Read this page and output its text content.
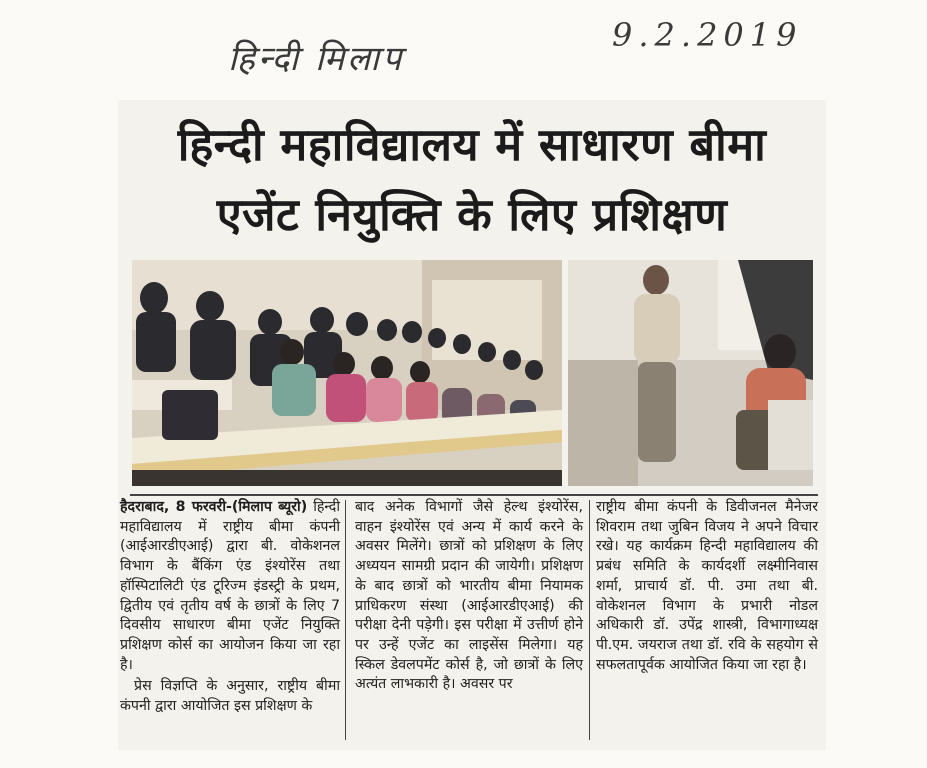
हिन्दी मिलाप
9.2.2019
हिन्दी महाविद्यालय में साधारण बीमा
एजेंट नियुक्ति के लिए प्रशिक्षण

हैदराबाद, 8 फरवरी-(मिलाप ब्यूरो) हिन्दी महाविद्यालय में राष्ट्रीय बीमा कंपनी (आईआरडीएआई) द्वारा बी. वोकेशनल विभाग के बैंकिंग एंड इंश्योरेंस तथा हॉस्पिटालिटी एंड टूरिज्म इंडस्ट्री के प्रथम, द्वितीय एवं तृतीय वर्ष के छात्रों के लिए 7 दिवसीय साधारण बीमा एजेंट नियुक्ति प्रशिक्षण कोर्स का आयोजन किया जा रहा है।

प्रेस विज्ञप्ति के अनुसार, राष्ट्रीय बीमा कंपनी द्वारा आयोजित इस प्रशिक्षण के

बाद अनेक विभागों जैसे हेल्थ इंश्योरेंस, वाहन इंश्योरेंस एवं अन्य में कार्य करने के अवसर मिलेंगे। छात्रों को प्रशिक्षण के लिए अध्ययन सामग्री प्रदान की जायेगी। प्रशिक्षण के बाद छात्रों को भारतीय बीमा नियामक प्राधिकरण संस्था (आईआरडीएआई) की परीक्षा देनी पड़ेगी। इस परीक्षा में उत्तीर्ण होने पर उन्हें एजेंट का लाइसेंस मिलेगा। यह स्किल डेवलपमेंट कोर्स है, जो छात्रों के लिए अत्यंत लाभकारी है। अवसर पर

राष्ट्रीय बीमा कंपनी के डिवीजनल मैनेजर शिवराम तथा जुबिन विजय ने अपने विचार रखे। यह कार्यक्रम हिन्दी महाविद्यालय की प्रबंध समिति के कार्यदर्शी लक्ष्मीनिवास शर्मा, प्राचार्य डॉ. पी. उमा तथा बी. वोकेशनल विभाग के प्रभारी नोडल अधिकारी डॉ. उपेंद्र शास्त्री, विभागाध्यक्ष पी.एम. जयराज तथा डॉ. रवि के सहयोग से सफलतापूर्वक आयोजित किया जा रहा है।
